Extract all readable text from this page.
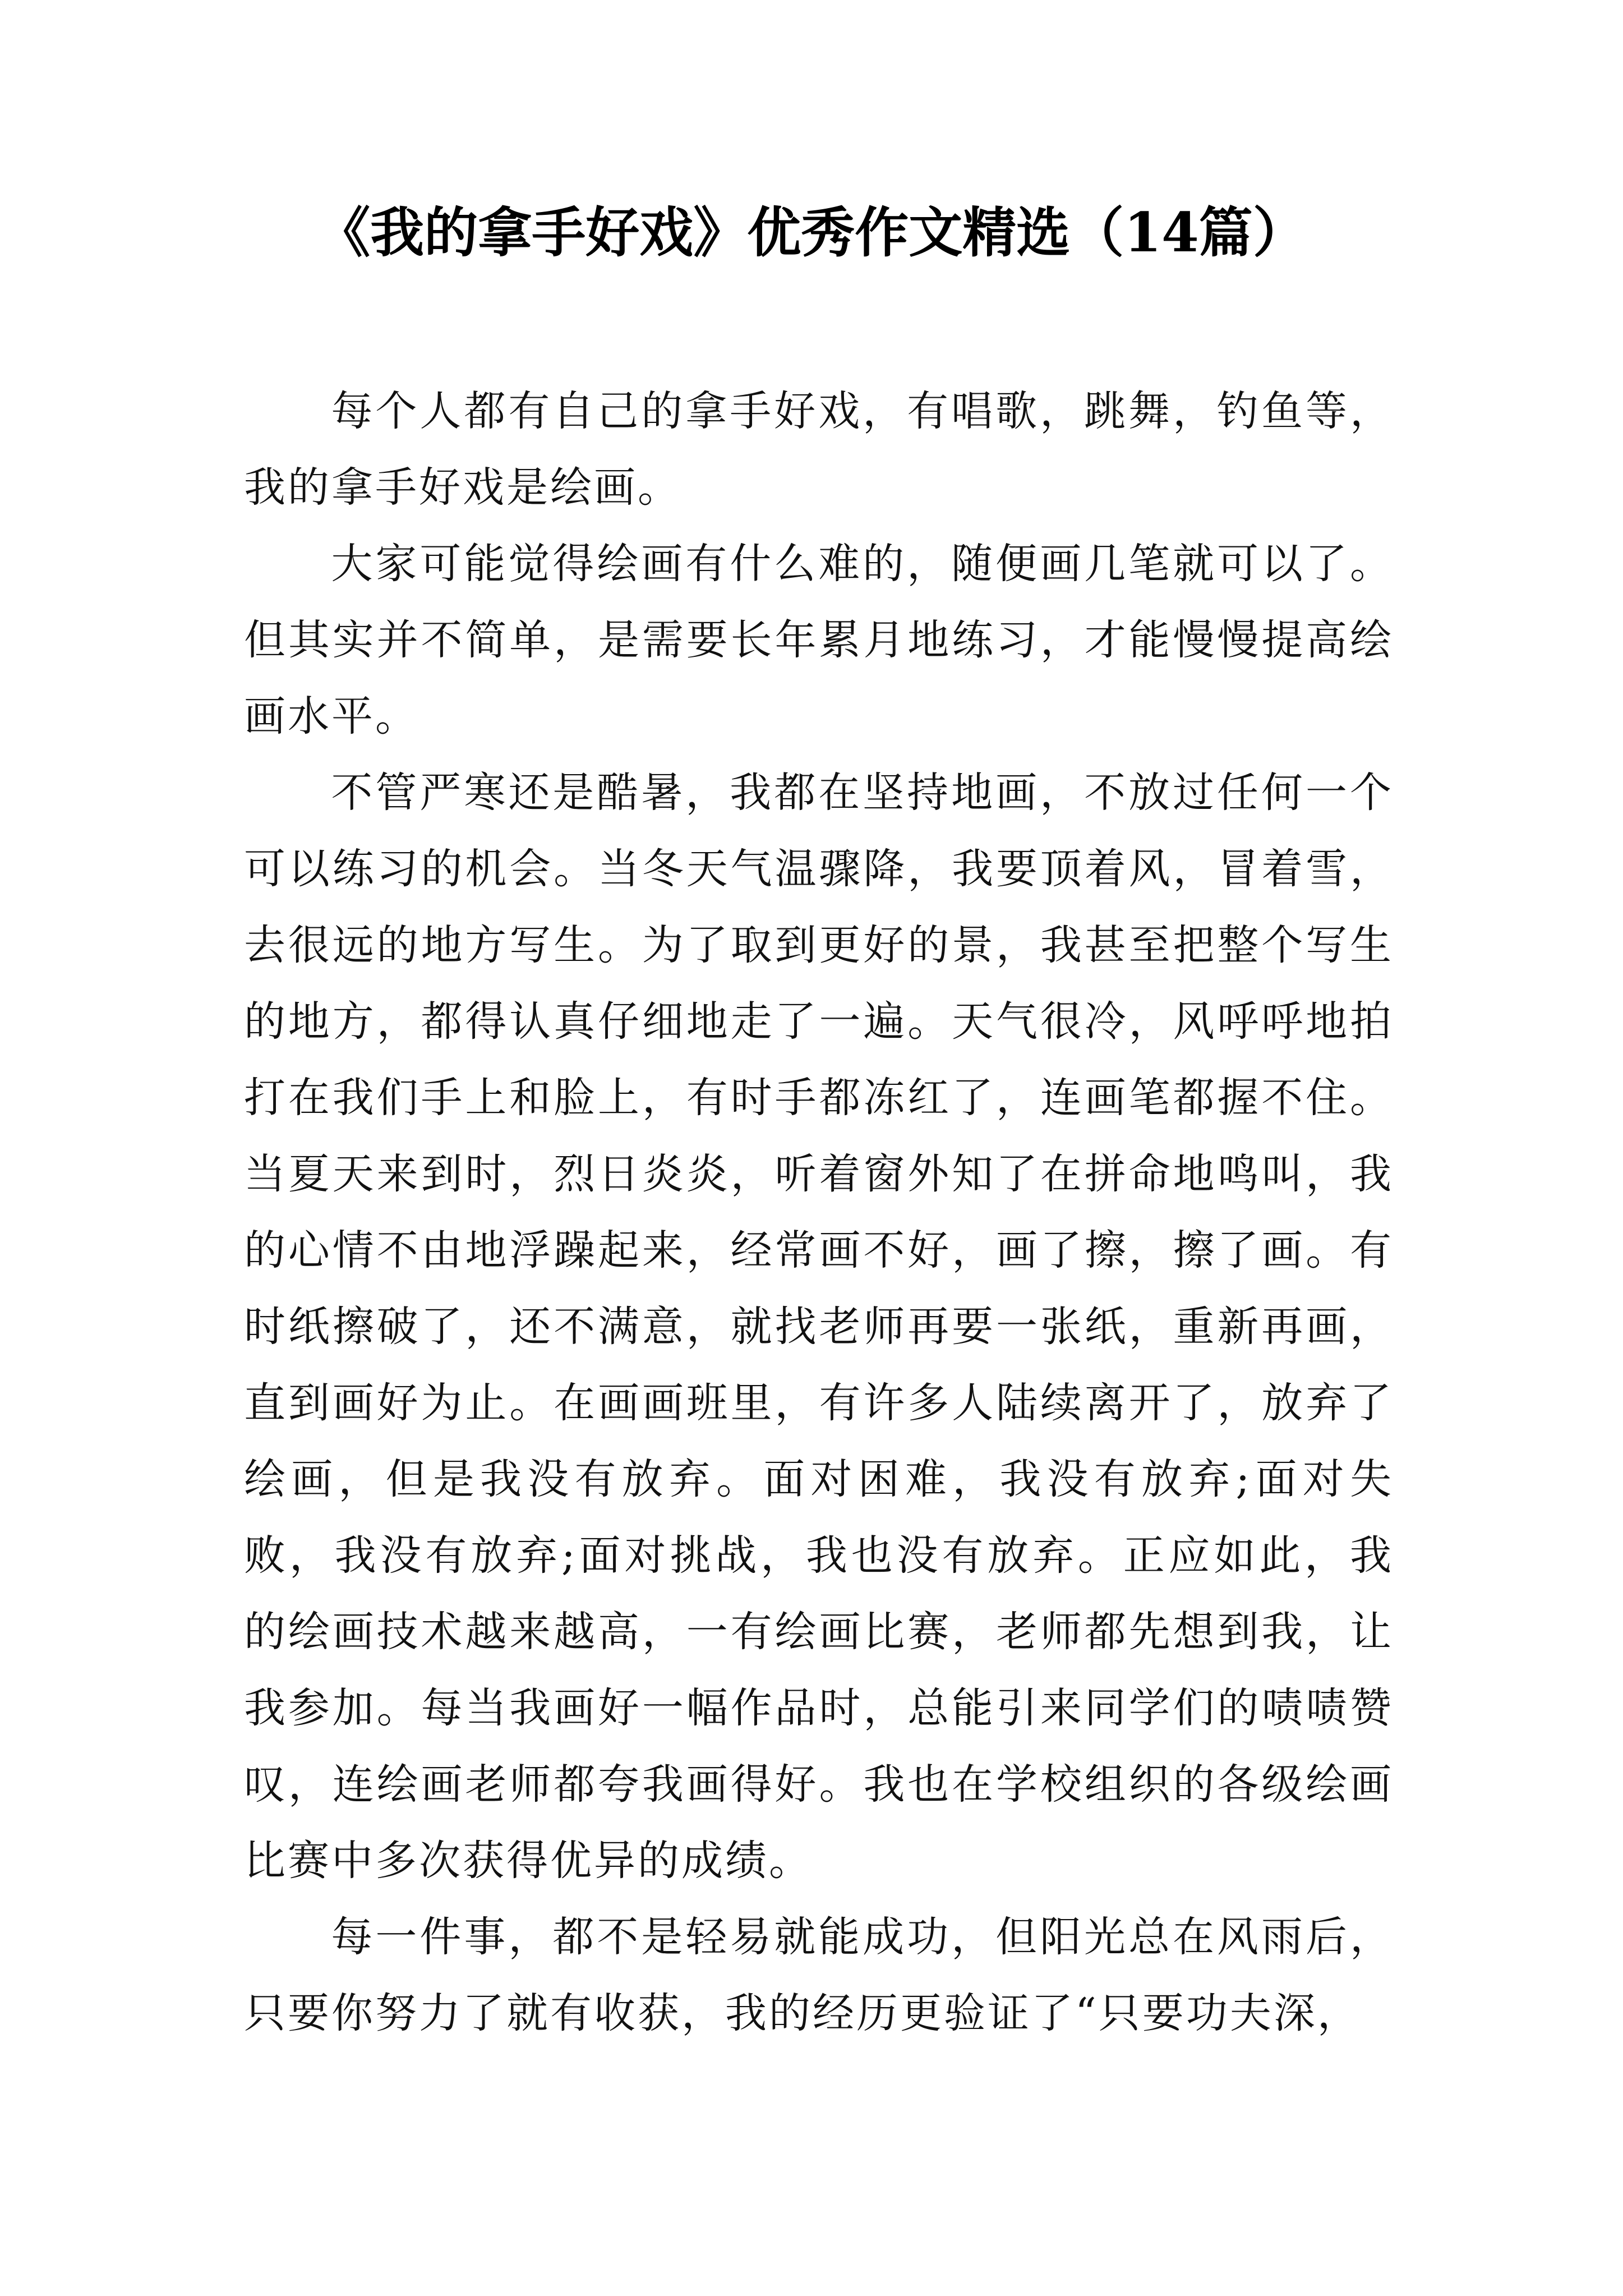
《我的拿手好戏》优秀作文精选（14篇）

每个人都有自己的拿手好戏，有唱歌，跳舞，钓鱼等，我的拿手好戏是绘画。

大家可能觉得绘画有什么难的，随便画几笔就可以了。但其实并不简单，是需要长年累月地练习，才能慢慢提高绘画水平。

不管严寒还是酷暑，我都在坚持地画，不放过任何一个可以练习的机会。当冬天气温骤降，我要顶着风，冒着雪，去很远的地方写生。为了取到更好的景，我甚至把整个写生的地方，都得认真仔细地走了一遍。天气很冷，风呼呼地拍打在我们手上和脸上，有时手都冻红了，连画笔都握不住。当夏天来到时，烈日炎炎，听着窗外知了在拼命地鸣叫，我的心情不由地浮躁起来，经常画不好，画了擦，擦了画。有时纸擦破了，还不满意，就找老师再要一张纸，重新再画，直到画好为止。在画画班里，有许多人陆续离开了，放弃了绘画，但是我没有放弃。面对困难，我没有放弃;面对失败，我没有放弃;面对挑战，我也没有放弃。正应如此，我的绘画技术越来越高，一有绘画比赛，老师都先想到我，让我参加。每当我画好一幅作品时，总能引来同学们的啧啧赞叹，连绘画老师都夸我画得好。我也在学校组织的各级绘画比赛中多次获得优异的成绩。

每一件事，都不是轻易就能成功，但阳光总在风雨后，只要你努力了就有收获，我的经历更验证了“只要功夫深，
